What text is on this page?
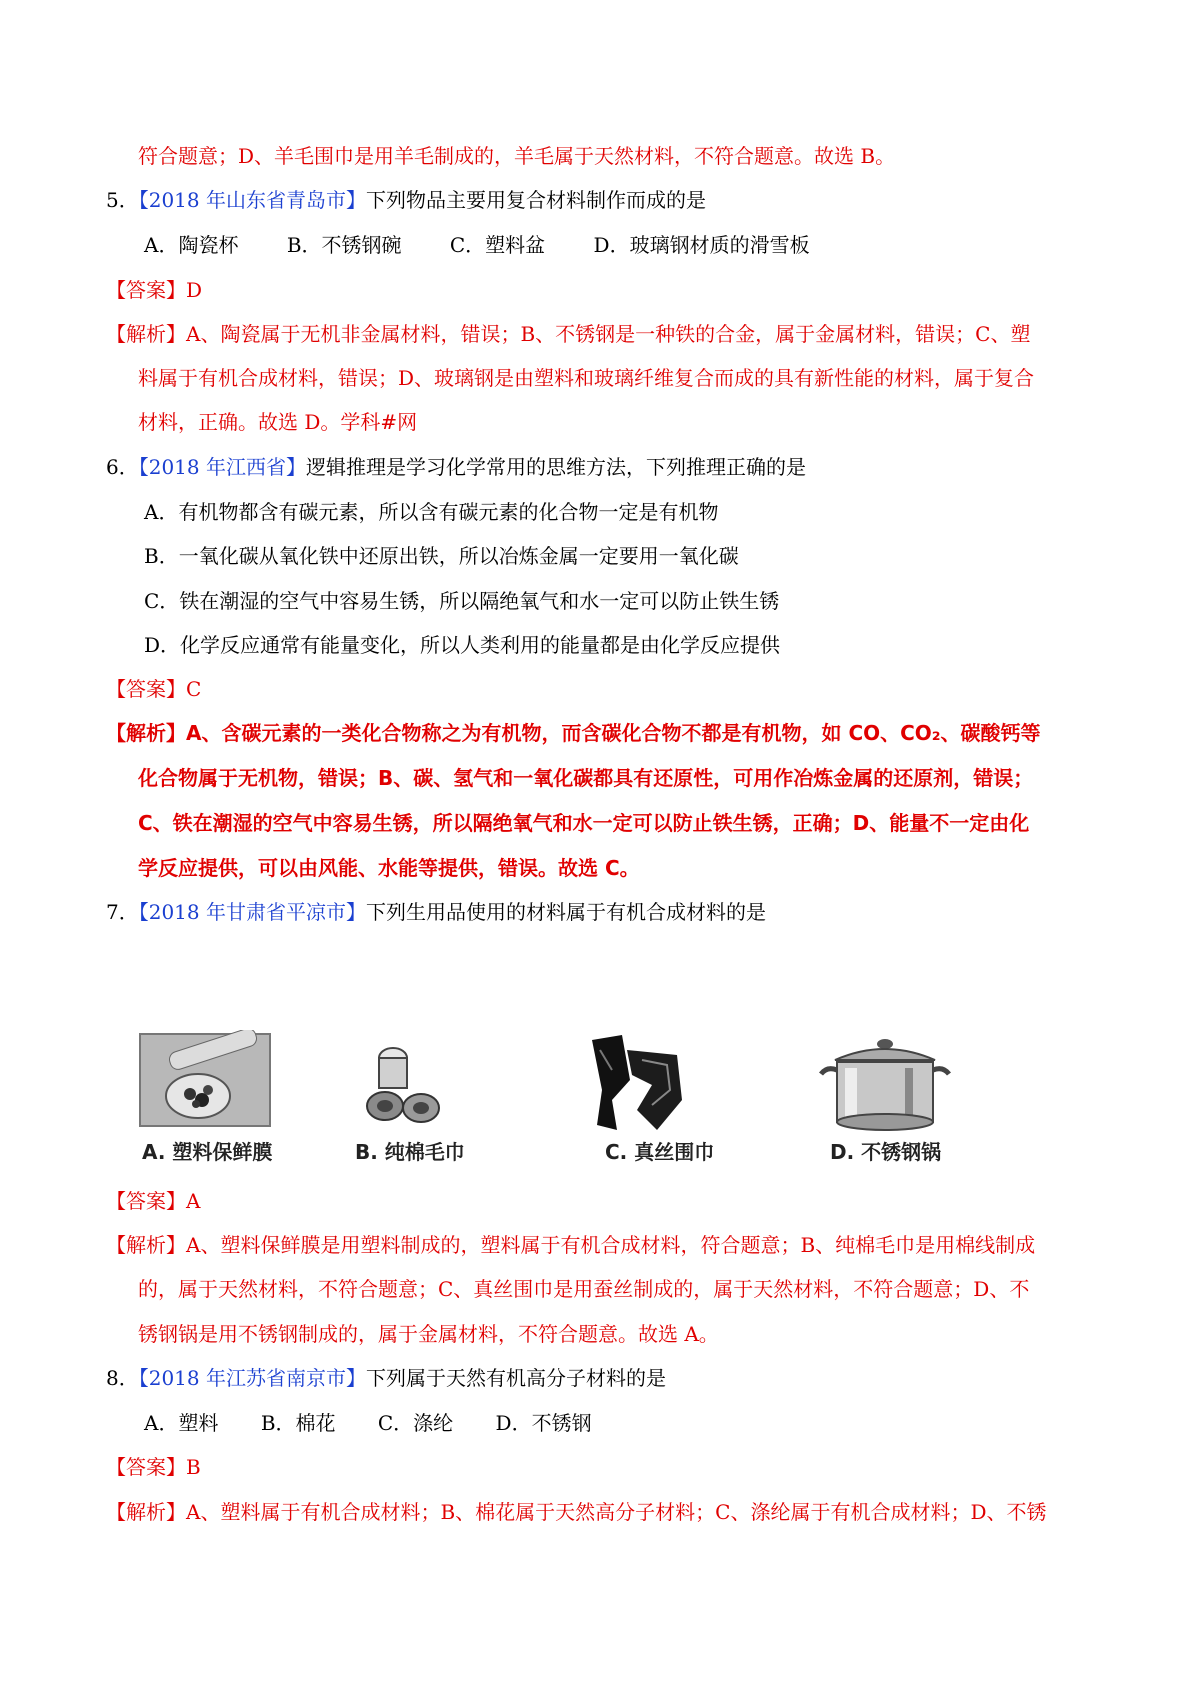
符合题意；D、羊毛围巾是用羊毛制成的，羊毛属于天然材料，不符合题意。故选 B。
5．【2018 年山东省青岛市】下列物品主要用复合材料制作而成的是
A．陶瓷杯 B．不锈钢碗 C．塑料盆 D．玻璃钢材质的滑雪板
【答案】D
【解析】A、陶瓷属于无机非金属材料，错误；B、不锈钢是一种铁的合金，属于金属材料，错误；C、塑
料属于有机合成材料，错误；D、玻璃钢是由塑料和玻璃纤维复合而成的具有新性能的材料，属于复合
材料，正确。故选 D。学科#网
6．【2018 年江西省】逻辑推理是学习化学常用的思维方法，下列推理正确的是
A．有机物都含有碳元素，所以含有碳元素的化合物一定是有机物
B．一氧化碳从氧化铁中还原出铁，所以冶炼金属一定要用一氧化碳
C．铁在潮湿的空气中容易生锈，所以隔绝氧气和水一定可以防止铁生锈
D．化学反应通常有能量变化，所以人类利用的能量都是由化学反应提供
【答案】C
【解析】A、含碳元素的一类化合物称之为有机物，而含碳化合物不都是有机物，如 CO、CO₂、碳酸钙等
化合物属于无机物，错误；B、碳、氢气和一氧化碳都具有还原性，可用作冶炼金属的还原剂，错误；
C、铁在潮湿的空气中容易生锈，所以隔绝氧气和水一定可以防止铁生锈，正确；D、能量不一定由化
学反应提供，可以由风能、水能等提供，错误。故选 C。
7．【2018 年甘肃省平凉市】下列生用品使用的材料属于有机合成材料的是
A. 塑料保鲜膜	B. 纯棉毛巾	C. 真丝围巾	D. 不锈钢锅
【答案】A
【解析】A、塑料保鲜膜是用塑料制成的，塑料属于有机合成材料，符合题意；B、纯棉毛巾是用棉线制成
的，属于天然材料，不符合题意；C、真丝围巾是用蚕丝制成的，属于天然材料，不符合题意；D、不
锈钢锅是用不锈钢制成的，属于金属材料，不符合题意。故选 A。
8．【2018 年江苏省南京市】下列属于天然有机高分子材料的是
A．塑料 B．棉花 C．涤纶 D．不锈钢
【答案】B
【解析】A、塑料属于有机合成材料；B、棉花属于天然高分子材料；C、涤纶属于有机合成材料；D、不锈
